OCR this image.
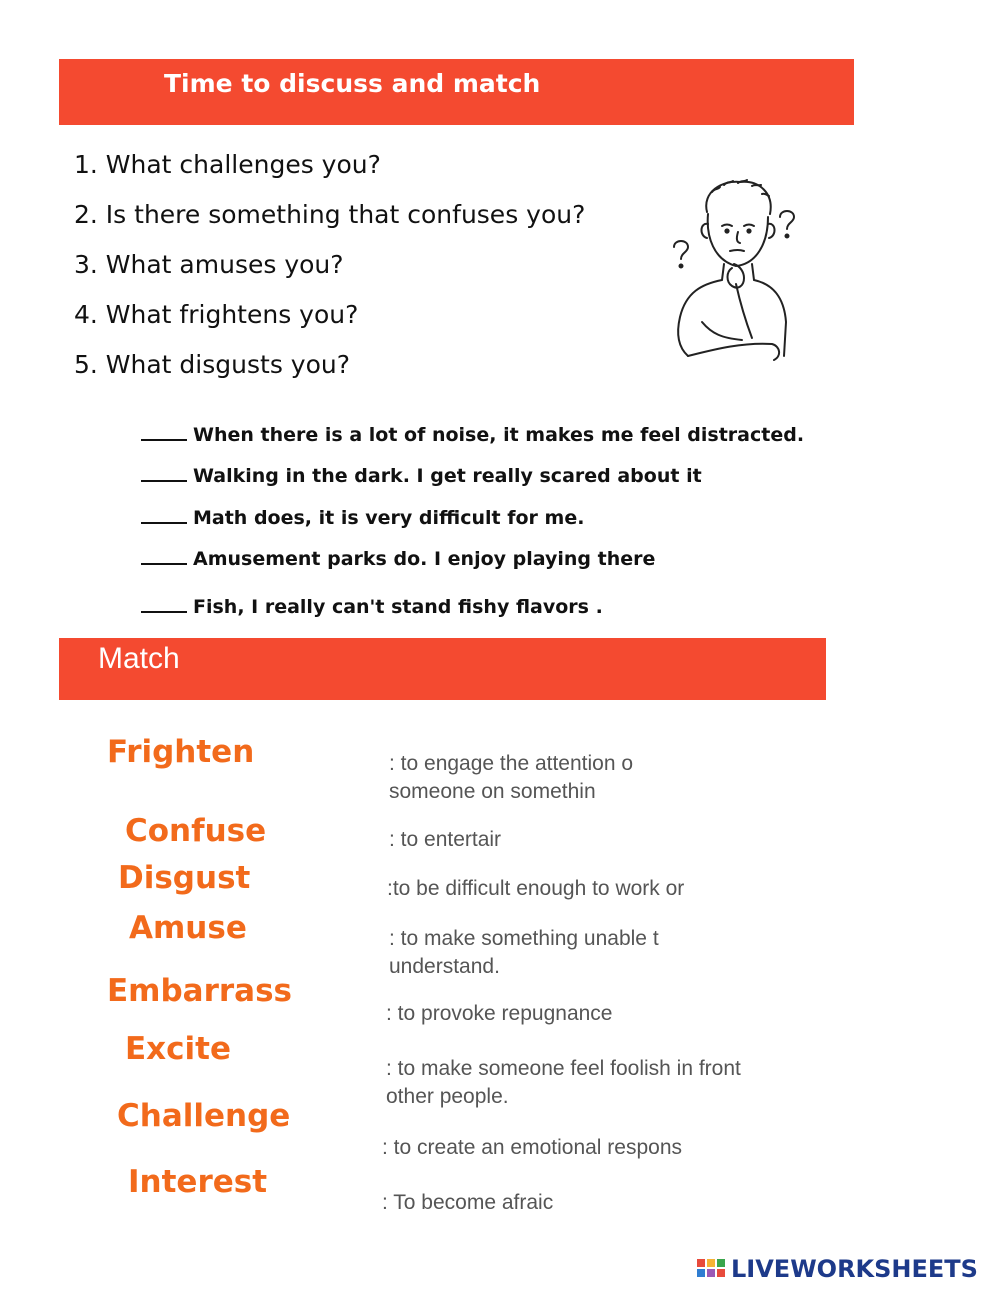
Time to discuss and match
1. What challenges you?
2. Is there something that confuses you?
3. What amuses you?
4. What frightens you?
5. What disgusts you?
When there is a lot of noise, it makes me feel distracted.
Walking in the dark. I get really scared about it
Math does, it is very difficult for me.
Amusement parks do. I enjoy playing there
Fish, I really can't stand fishy flavors .
Match
Frighten
Confuse
Disgust
Amuse
Embarrass
Excite
Challenge
Interest
: to engage the attention o
someone on somethin
: to entertair
:to be difficult enough to work or
: to make something unable t
understand.
: to provoke repugnance
: to make someone feel foolish in front
other people.
: to create an emotional respons
: To become afraic
LIVEWORKSHEETS
